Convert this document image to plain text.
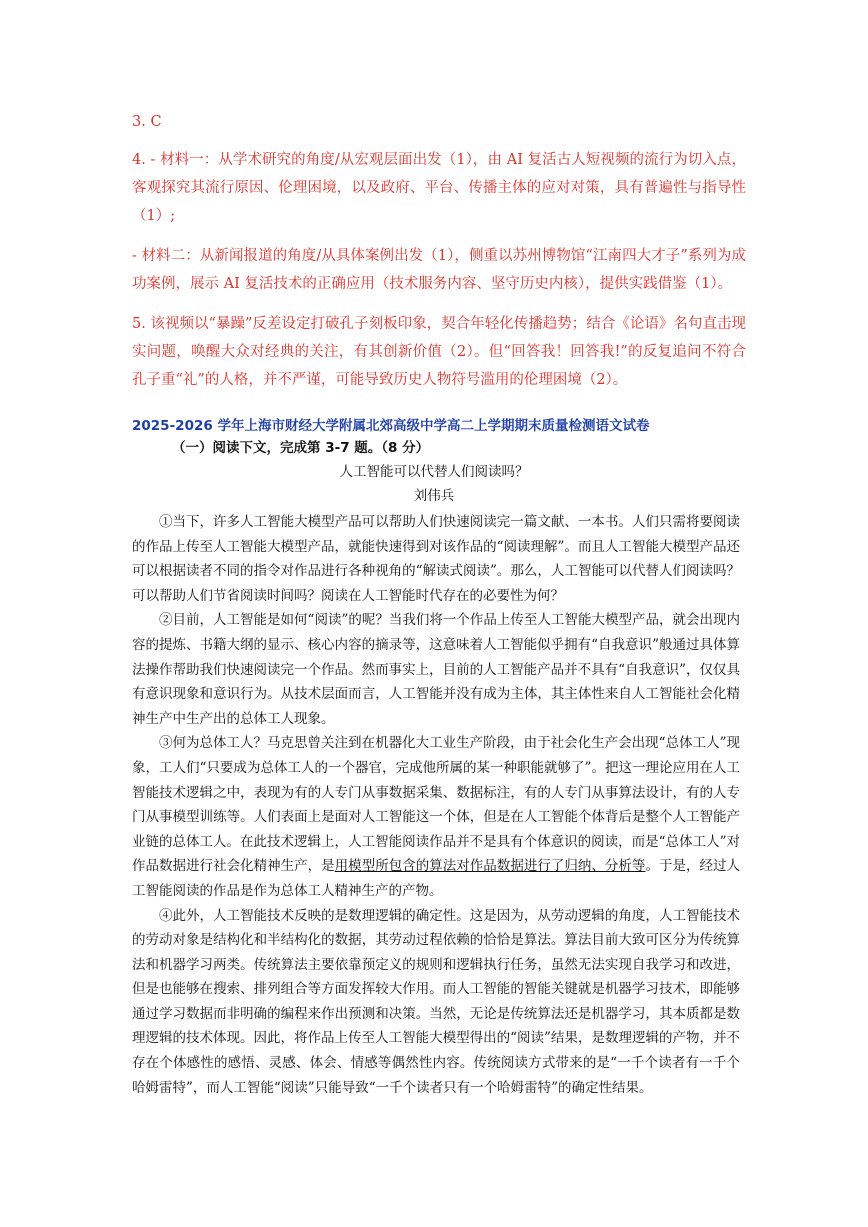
3. C

4. - 材料一：从学术研究的角度/从宏观层面出发（1），由 AI 复活古人短视频的流行为切入点，客观探究其流行原因、伦理困境，以及政府、平台、传播主体的应对对策，具有普遍性与指导性（1）;

- 材料二：从新闻报道的角度/从具体案例出发（1），侧重以苏州博物馆“江南四大才子”系列为成功案例，展示 AI 复活技术的正确应用（技术服务内容、坚守历史内核），提供实践借鉴（1）。

5. 该视频以“暴躁”反差设定打破孔子刻板印象，契合年轻化传播趋势；结合《论语》名句直击现实问题，唤醒大众对经典的关注，有其创新价值（2）。但“回答我！回答我!”的反复追问不符合孔子重“礼”的人格，并不严谨，可能导致历史人物符号滥用的伦理困境（2）。

2025-2026 学年上海市财经大学附属北郊高级中学高二上学期期末质量检测语文试卷
（一）阅读下文，完成第 3-7 题。（8 分）
人工智能可以代替人们阅读吗？
刘伟兵

①当下，许多人工智能大模型产品可以帮助人们快速阅读完一篇文献、一本书。人们只需将要阅读的作品上传至人工智能大模型产品，就能快速得到对该作品的“阅读理解”。而且人工智能大模型产品还可以根据读者不同的指令对作品进行各种视角的“解读式阅读”。那么，人工智能可以代替人们阅读吗？可以帮助人们节省阅读时间吗？阅读在人工智能时代存在的必要性为何？

②目前，人工智能是如何“阅读”的呢？当我们将一个作品上传至人工智能大模型产品，就会出现内容的提炼、书籍大纲的显示、核心内容的摘录等，这意味着人工智能似乎拥有“自我意识”般通过具体算法操作帮助我们快速阅读完一个作品。然而事实上，目前的人工智能产品并不具有“自我意识”，仅仅具有意识现象和意识行为。从技术层面而言，人工智能并没有成为主体，其主体性来自人工智能社会化精神生产中生产出的总体工人现象。

③何为总体工人？马克思曾关注到在机器化大工业生产阶段，由于社会化生产会出现“总体工人”现象，工人们“只要成为总体工人的一个器官，完成他所属的某一种职能就够了”。把这一理论应用在人工智能技术逻辑之中，表现为有的人专门从事数据采集、数据标注，有的人专门从事算法设计，有的人专门从事模型训练等。人们表面上是面对人工智能这一个体，但是在人工智能个体背后是整个人工智能产业链的总体工人。在此技术逻辑上，人工智能阅读作品并不是具有个体意识的阅读，而是“总体工人”对作品数据进行社会化精神生产，是用模型所包含的算法对作品数据进行了归纳、分析等。于是，经过人工智能阅读的作品是作为总体工人精神生产的产物。

④此外，人工智能技术反映的是数理逻辑的确定性。这是因为，从劳动逻辑的角度，人工智能技术的劳动对象是结构化和半结构化的数据，其劳动过程依赖的恰恰是算法。算法目前大致可区分为传统算法和机器学习两类。传统算法主要依靠预定义的规则和逻辑执行任务，虽然无法实现自我学习和改进，但是也能够在搜索、排列组合等方面发挥较大作用。而人工智能的智能关键就是机器学习技术，即能够通过学习数据而非明确的编程来作出预测和决策。当然，无论是传统算法还是机器学习，其本质都是数理逻辑的技术体现。因此，将作品上传至人工智能大模型得出的“阅读”结果，是数理逻辑的产物，并不存在个体感性的感悟、灵感、体会、情感等偶然性内容。传统阅读方式带来的是“一千个读者有一千个哈姆雷特”，而人工智能“阅读”只能导致“一千个读者只有一个哈姆雷特”的确定性结果。
